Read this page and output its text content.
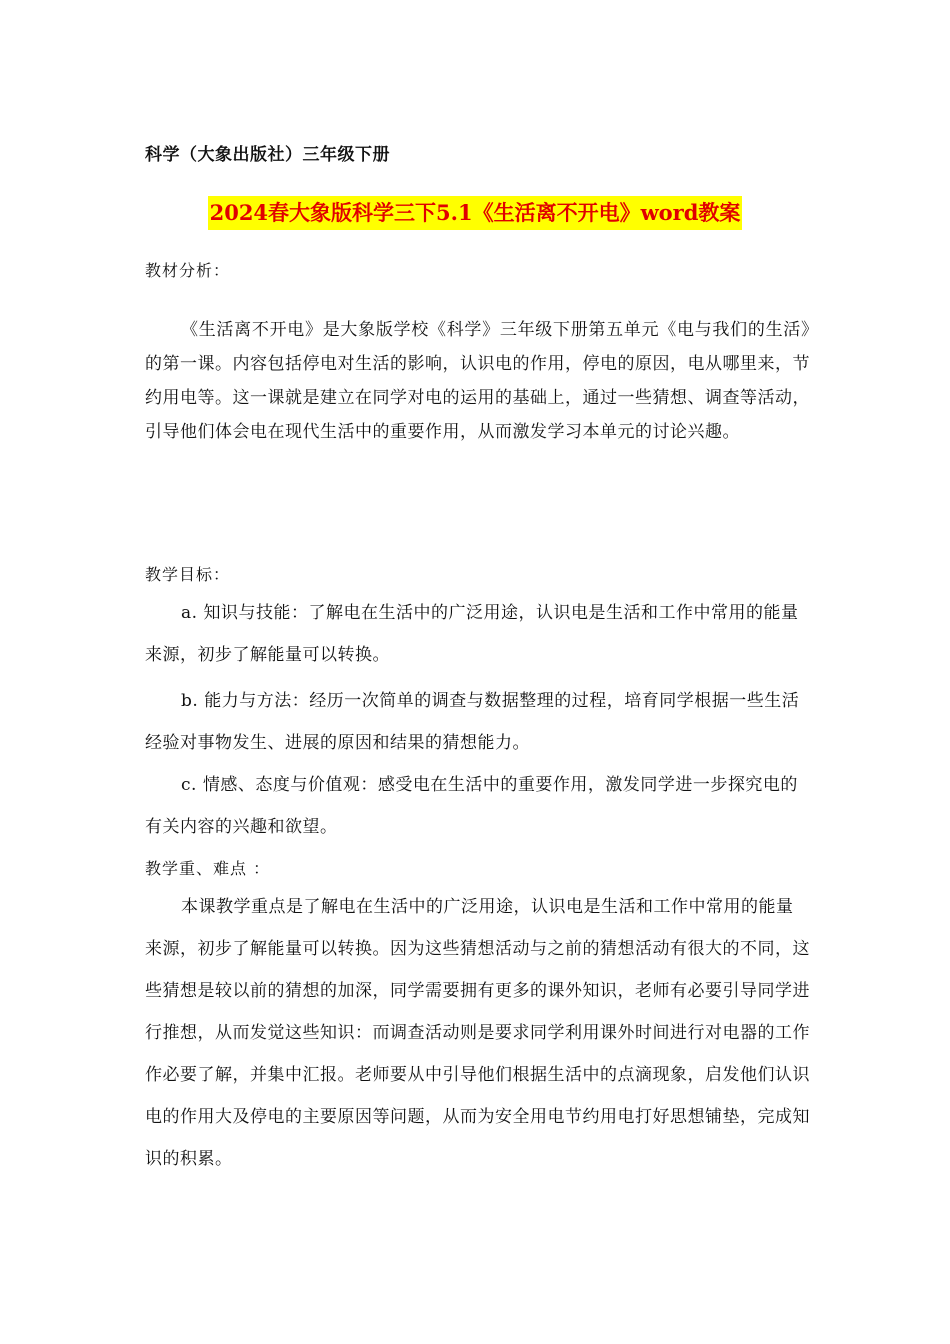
科学（大象出版社）三年级下册
2024春大象版科学三下5.1《生活离不开电》word教案
教材分析：

《生活离不开电》是大象版学校《科学》三年级下册第五单元《电与我们的生活》的第一课。内容包括停电对生活的影响，认识电的作用，停电的原因，电从哪里来，节约用电等。这一课就是建立在同学对电的运用的基础上，通过一些猜想、调查等活动，引导他们体会电在现代生活中的重要作用，从而激发学习本单元的讨论兴趣。

教学目标：

a. 知识与技能：了解电在生活中的广泛用途，认识电是生活和工作中常用的能量来源，初步了解能量可以转换。

b. 能力与方法：经历一次简单的调查与数据整理的过程，培育同学根据一些生活经验对事物发生、进展的原因和结果的猜想能力。

c. 情感、态度与价值观：感受电在生活中的重要作用，激发同学进一步探究电的有关内容的兴趣和欲望。

教学重、难点 ：

本课教学重点是了解电在生活中的广泛用途，认识电是生活和工作中常用的能量来源，初步了解能量可以转换。因为这些猜想活动与之前的猜想活动有很大的不同，这些猜想是较以前的猜想的加深，同学需要拥有更多的课外知识，老师有必要引导同学进行推想，从而发觉这些知识：而调查活动则是要求同学利用课外时间进行对电器的工作作必要了解，并集中汇报。老师要从中引导他们根据生活中的点滴现象，启发他们认识电的作用大及停电的主要原因等问题，从而为安全用电节约用电打好思想铺垫，完成知识的积累。
